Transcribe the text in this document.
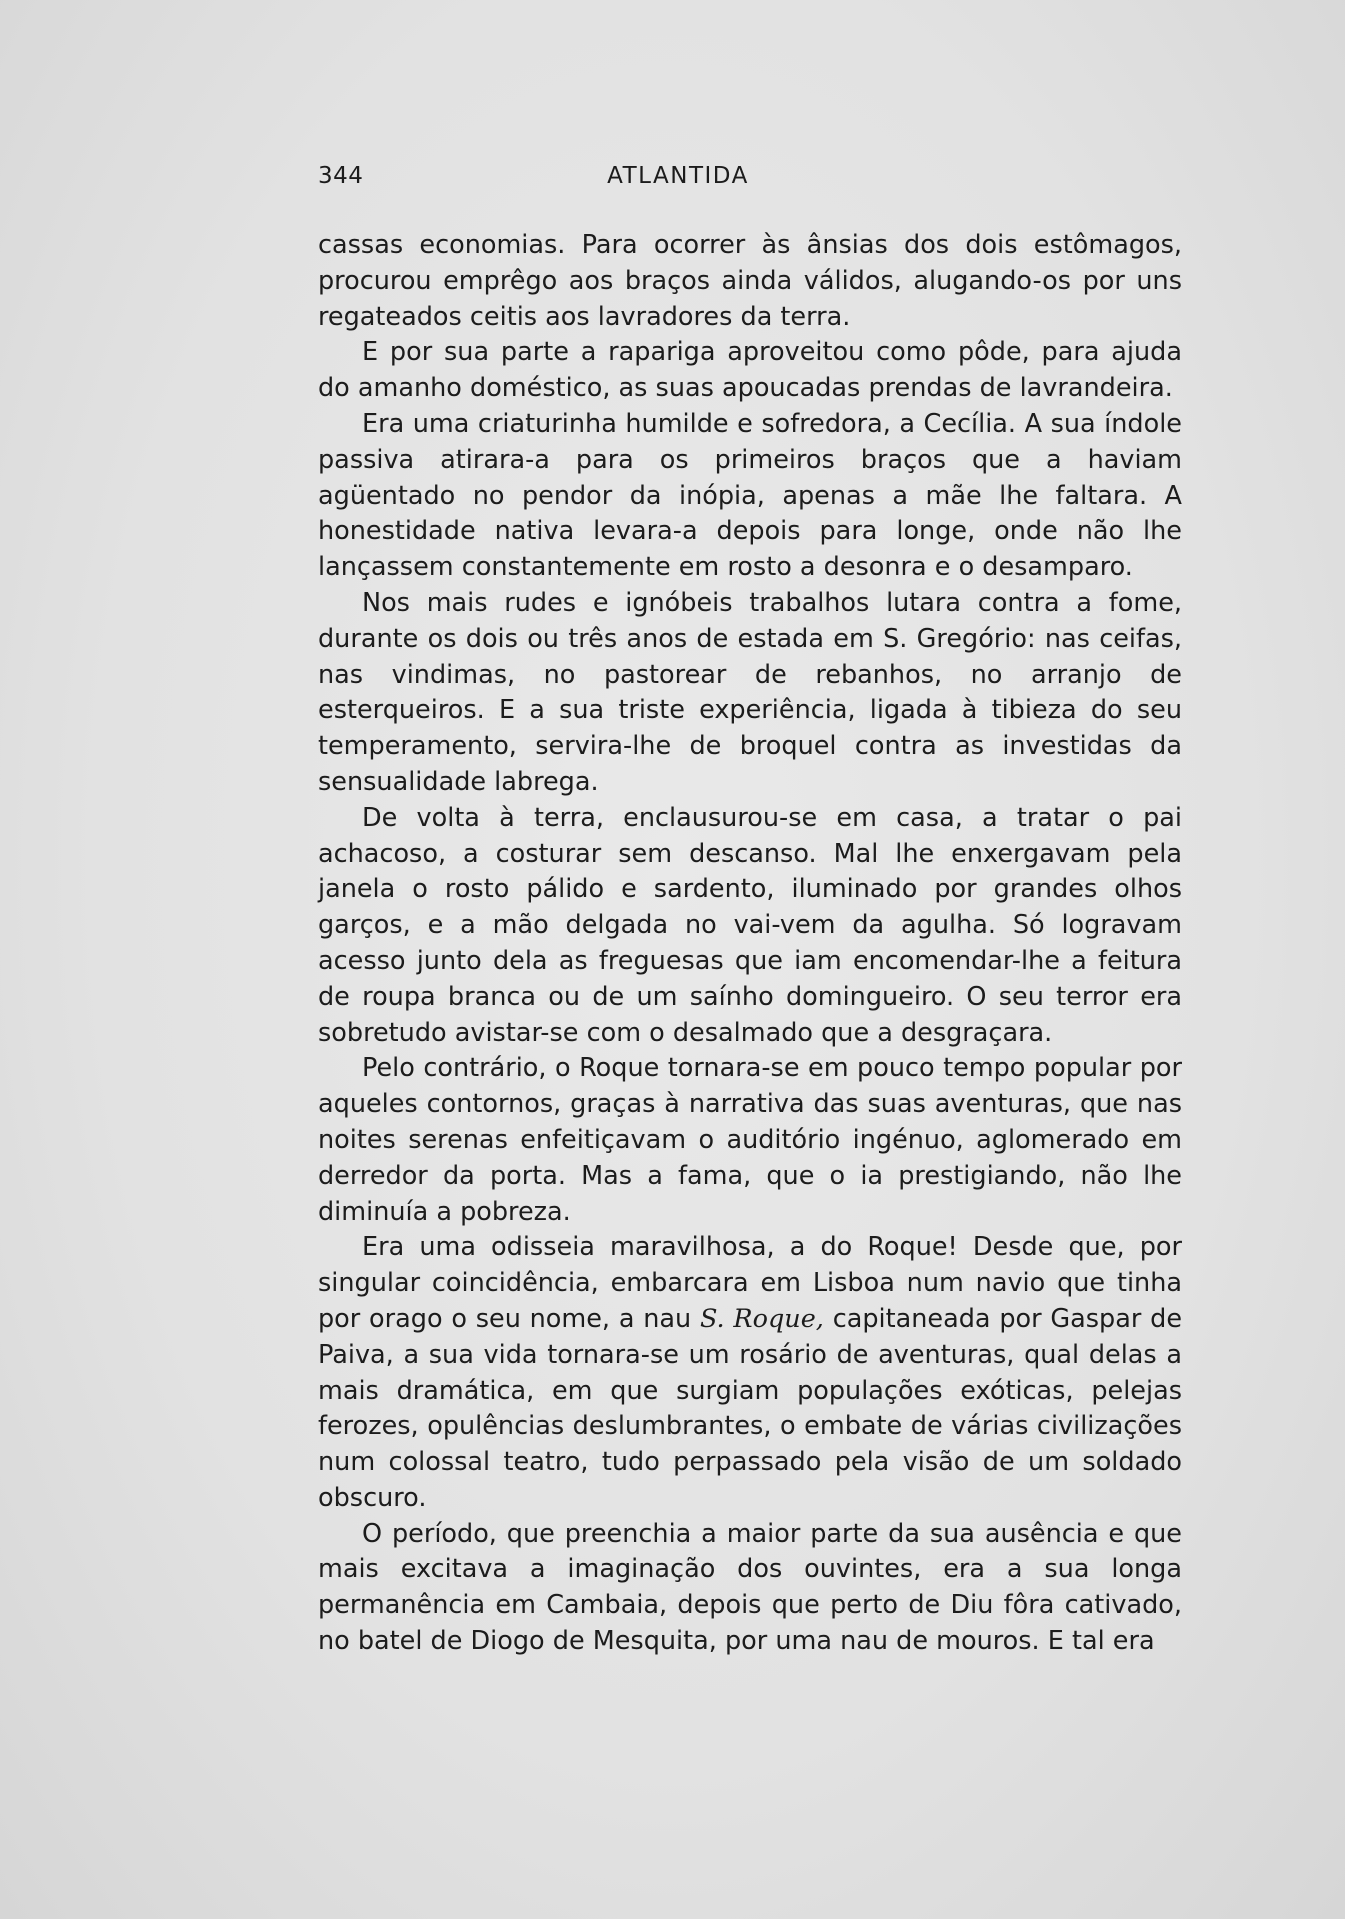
344	ATLANTIDA

cassas economias. Para ocorrer às ânsias dos dois estômagos, procurou emprêgo aos braços ainda válidos, alugando-os por uns regateados ceitis aos lavradores da terra.

E por sua parte a rapariga aproveitou como pôde, para ajuda do amanho doméstico, as suas apoucadas prendas de lavrandeira.

Era uma criaturinha humilde e sofredora, a Cecília. A sua índole passiva atirara-a para os primeiros braços que a haviam agüentado no pendor da inópia, apenas a mãe lhe faltara. A honestidade nativa levara-a depois para longe, onde não lhe lançassem constantemente em rosto a desonra e o desamparo.

Nos mais rudes e ignóbeis trabalhos lutara contra a fome, durante os dois ou três anos de estada em S. Gregório: nas ceifas, nas vindimas, no pastorear de rebanhos, no arranjo de esterqueiros. E a sua triste experiência, ligada à tibieza do seu temperamento, servira-lhe de broquel contra as investidas da sensualidade labrega.

De volta à terra, enclausurou-se em casa, a tratar o pai achacoso, a costurar sem descanso. Mal lhe enxergavam pela janela o rosto pálido e sardento, iluminado por grandes olhos garços, e a mão delgada no vai-vem da agulha. Só logravam acesso junto dela as freguesas que iam encomendar-lhe a feitura de roupa branca ou de um saínho domingueiro. O seu terror era sobretudo avistar-se com o desalmado que a desgraçara.

Pelo contrário, o Roque tornara-se em pouco tempo popular por aqueles contornos, graças à narrativa das suas aventuras, que nas noites serenas enfeitiçavam o auditório ingénuo, aglomerado em derredor da porta. Mas a fama, que o ia prestigiando, não lhe diminuía a pobreza.

Era uma odisseia maravilhosa, a do Roque! Desde que, por singular coincidência, embarcara em Lisboa num navio que tinha por orago o seu nome, a nau S. Roque, capitaneada por Gaspar de Paiva, a sua vida tornara-se um rosário de aventuras, qual delas a mais dramática, em que surgiam populações exóticas, pelejas ferozes, opulências deslumbrantes, o embate de várias civilizações num colossal teatro, tudo perpassado pela visão de um soldado obscuro.

O período, que preenchia a maior parte da sua ausência e que mais excitava a imaginação dos ouvintes, era a sua longa permanência em Cambaia, depois que perto de Diu fôra cativado, no batel de Diogo de Mesquita, por uma nau de mouros. E tal era
